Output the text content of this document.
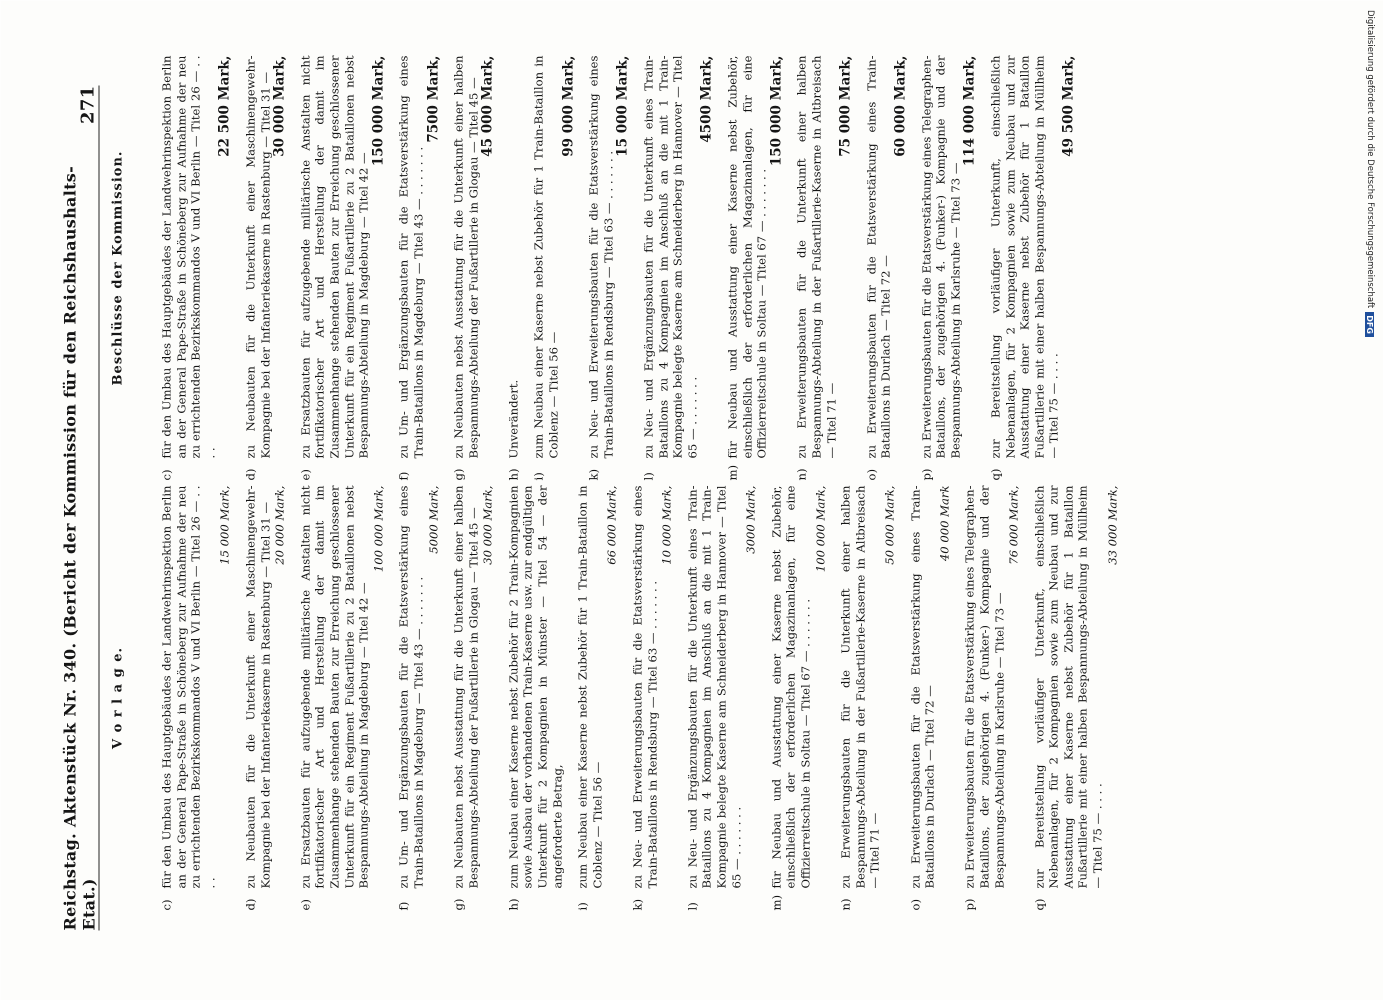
Reichstag. Aktenstück Nr. 340. (Bericht der Kommission für den Reichshaushalts-Etat.)
271
V o r l a g e.
c)
für den Umbau des Hauptgebäudes der Landwehrinspektion Berlin an der General Pape-Straße in Schöneberg zur Aufnahme der neu zu errichtenden Bezirkskommandos V und VI Berlin — Titel 26 — . . . .
15 000 Mark,
d)
zu Neubauten für die Unterkunft einer Maschinengewehr-Kompagnie bei der Infanteriekaserne in Rastenburg — Titel 31 — 20 000 Mark,
e)
zu Ersatzbauten für aufzugebende militärische Anstalten nicht fortifikatorischer Art und Herstellung der damit im Zusammenhange stehenden Bauten zur Erreichung geschlossener Unterkunft für ein Regiment Fußartillerie zu 2 Bataillonen nebst Bespannungs-Abteilung in Magdeburg — Titel 42 —
100 000 Mark,
f)
zu Um- und Ergänzungsbauten für die Etatsverstärkung eines Train-Bataillons in Magdeburg — Titel 43 — . . . . . . .
5000 Mark,
g)
zu Neubauten nebst Ausstattung für die Unterkunft einer halben Bespannungs-Abteilung der Fußartillerie in Glogau — Titel 45 — 30 000 Mark,
h)
zum Neubau einer Kaserne nebst Zubehör für 2 Train-Kompagnien sowie Ausbau der vorhandenen Train-Kaserne usw. zur endgültigen Unterkunft für 2 Kompagnien in Münster — Titel 54 — der angeforderte Betrag,
i)
zum Neubau einer Kaserne nebst Zubehör für 1 Train-Bataillon in Coblenz — Titel 56 —
66 000 Mark,
k)
zu Neu- und Erweiterungsbauten für die Etatsverstärkung eines Train-Bataillons in Rendsburg — Titel 63 — . . . . . . .
10 000 Mark,
l)
zu Neu- und Ergänzungsbauten für die Unterkunft eines Train-Bataillons zu 4 Kompagnien im Anschluß an die mit 1 Train-Kompagnie belegte Kaserne am Schneiderberg in Hannover — Titel 65 — . . . . . . .
3000 Mark,
m)
für Neubau und Ausstattung einer Kaserne nebst Zubehör, einschließlich der erforderlichen Magazinanlagen, für eine Offizierreitschule in Soltau — Titel 67 — . . . . . . .
100 000 Mark,
n)
zu Erweiterungsbauten für die Unterkunft einer halben Bespannungs-Abteilung in der Fußartillerie-Kaserne in Altbreisach — Titel 71 —
50 000 Mark,
o)
zu Erweiterungsbauten für die Etatsverstärkung eines Train-Bataillons in Durlach — Titel 72 —
40 000 Mark
p)
zu Erweiterungsbauten für die Etatsverstärkung eines Telegraphen-Bataillons, der zugehörigen 4. (Funker-) Kompagnie und der Bespannungs-Abteilung in Karlsruhe — Titel 73 —
76 000 Mark,
q)
zur Bereitstellung vorläufiger Unterkunft, einschließlich Nebenanlagen, für 2 Kompagnien sowie zum Neubau und zur Ausstattung einer Kaserne nebst Zubehör für 1 Bataillon Fußartillerie mit einer halben Bespannungs-Abteilung in Müllheim — Titel 75 — . . . .
33 000 Mark,
Beschlüsse der Kommission.
c)
für den Umbau des Hauptgebäudes der Landwehrinspektion Berlin an der General Pape-Straße in Schöneberg zur Aufnahme der neu zu errichtenden Bezirkskommandos V und VI Berlin — Titel 26 — . . . .
22 500 Mark,
d)
zu Neubauten für die Unterkunft einer Maschinengewehr-Kompagnie bei der Infanteriekaserne in Rastenburg — Titel 31 — 30 000 Mark,
e)
zu Ersatzbauten für aufzugebende militärische Anstalten nicht fortifikatorischer Art und Herstellung der damit im Zusammenhange stehenden Bauten zur Erreichung geschlossener Unterkunft für ein Regiment Fußartillerie zu 2 Bataillonen nebst Bespannungs-Abteilung in Magdeburg — Titel 42 —
150 000 Mark,
f)
zu Um- und Ergänzungsbauten für die Etatsverstärkung eines Train-Bataillons in Magdeburg — Titel 43 — . . . . . . .
7500 Mark,
g)
zu Neubauten nebst Ausstattung für die Unterkunft einer halben Bespannungs-Abteilung der Fußartillerie in Glogau — Titel 45 — 45 000 Mark,
h)
Unverändert.
i)
zum Neubau einer Kaserne nebst Zubehör für 1 Train-Bataillon in Coblenz — Titel 56 —
99 000 Mark,
k)
zu Neu- und Erweiterungsbauten für die Etatsverstärkung eines Train-Bataillons in Rendsburg — Titel 63 — . . . . . . .
15 000 Mark,
l)
zu Neu- und Ergänzungsbauten für die Unterkunft eines Train-Bataillons zu 4 Kompagnien im Anschluß an die mit 1 Train-Kompagnie belegte Kaserne am Schneiderberg in Hannover — Titel 65 — . . . . . . .
4500 Mark,
m)
für Neubau und Ausstattung einer Kaserne nebst Zubehör, einschließlich der erforderlichen Magazinanlagen, für eine Offizierreitschule in Soltau — Titel 67 — . . . . . . .
150 000 Mark,
n)
zu Erweiterungsbauten für die Unterkunft einer halben Bespannungs-Abteilung in der Fußartillerie-Kaserne in Altbreisach — Titel 71 —
75 000 Mark,
o)
zu Erweiterungsbauten für die Etatsverstärkung eines Train-Bataillons in Durlach — Titel 72 —
60 000 Mark,
p)
zu Erweiterungsbauten für die Etatsverstärkung eines Telegraphen-Bataillons, der zugehörigen 4. (Funker-) Kompagnie und der Bespannungs-Abteilung in Karlsruhe — Titel 73 —
114 000 Mark,
q)
zur Bereitstellung vorläufiger Unterkunft, einschließlich Nebenanlagen, für 2 Kompagnien sowie zum Neubau und zur Ausstattung einer Kaserne nebst Zubehör für 1 Bataillon Fußartillerie mit einer halben Bespannungs-Abteilung in Müllheim — Titel 75 — . . . .
49 500 Mark,	Digitalisierung gefördert durch die Deutsche Forschungsgemeinschaft
DFG
